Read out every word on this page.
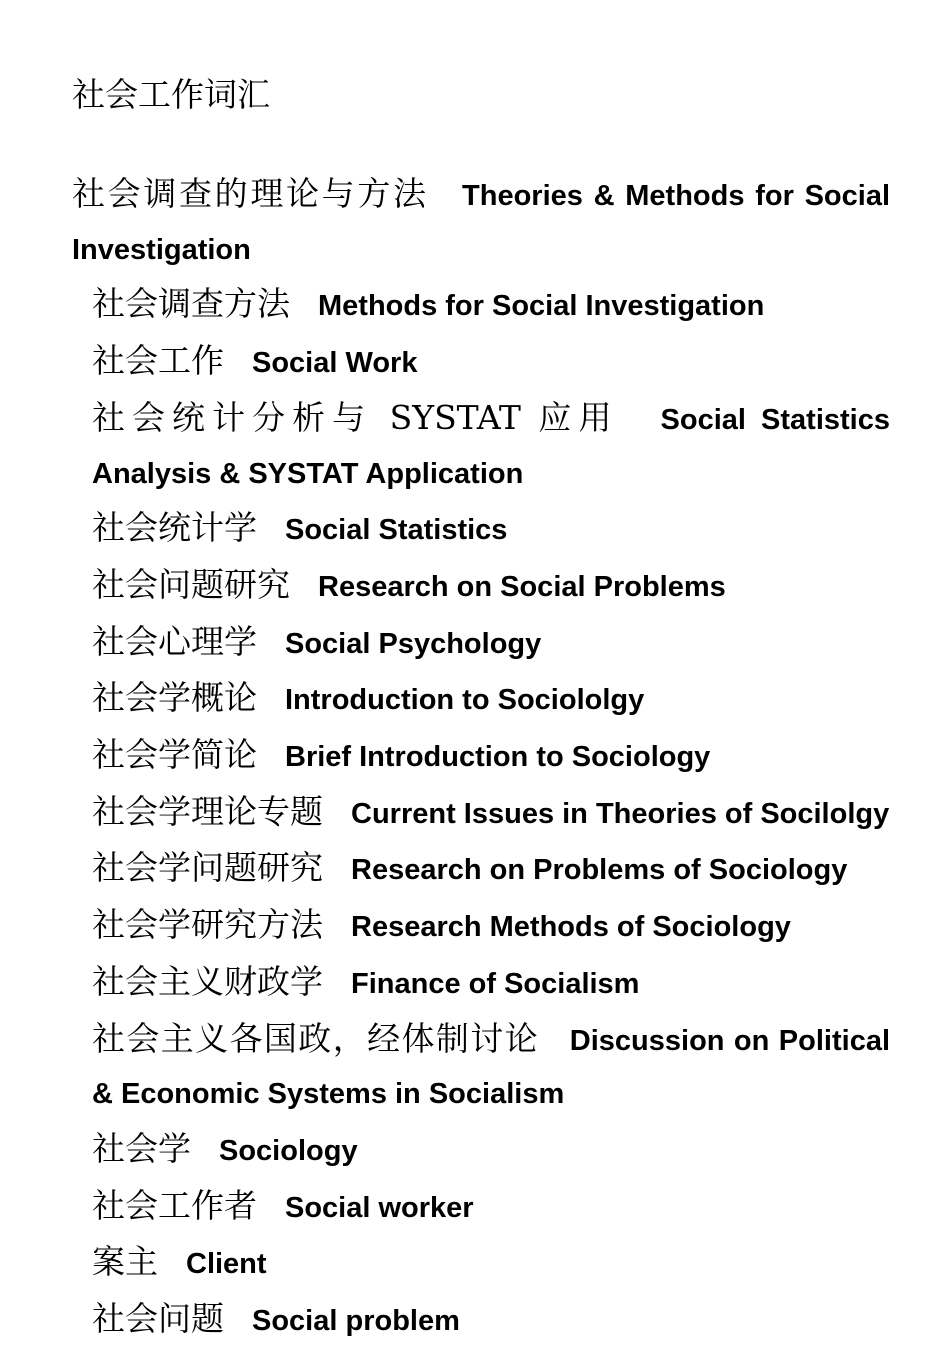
社会工作词汇
社会调查的理论与方法 Theories & Methods for Social Investigation
社会调查方法 Methods for Social Investigation
社会工作 Social Work
社会统计分析与 SYSTAT 应用 Social Statistics Analysis & SYSTAT Application
社会统计学 Social Statistics
社会问题研究 Research on Social Problems
社会心理学 Social Psychology
社会学概论 Introduction to Sociololgy
社会学简论 Brief Introduction to Sociology
社会学理论专题 Current Issues in Theories of Socilolgy
社会学问题研究 Research on Problems of Sociology
社会学研究方法 Research Methods of Sociology
社会主义财政学 Finance of Socialism
社会主义各国政，经体制讨论 Discussion on Political & Economic Systems in Socialism
社会学 Sociology
社会工作者 Social worker
案主 Client
社会问题 Social problem
